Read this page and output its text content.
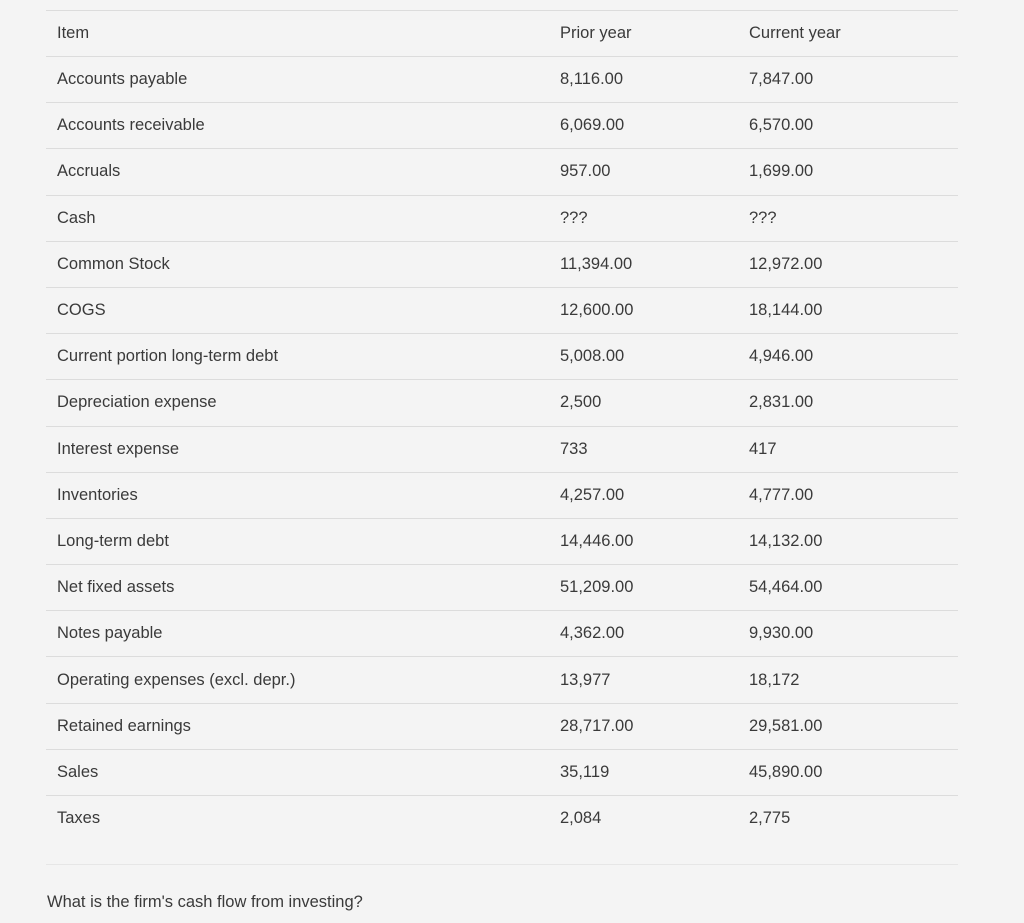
Item	Prior year	Current year
Accounts payable	8,116.00	7,847.00
Accounts receivable	6,069.00	6,570.00
Accruals	957.00	1,699.00
Cash	???	???
Common Stock	11,394.00	12,972.00
COGS	12,600.00	18,144.00
Current portion long-term debt	5,008.00	4,946.00
Depreciation expense	2,500	2,831.00
Interest expense	733	417
Inventories	4,257.00	4,777.00
Long-term debt	14,446.00	14,132.00
Net fixed assets	51,209.00	54,464.00
Notes payable	4,362.00	9,930.00
Operating expenses (excl. depr.)	13,977	18,172
Retained earnings	28,717.00	29,581.00
Sales	35,119	45,890.00
Taxes	2,084	2,775
What is the firm's cash flow from investing?
